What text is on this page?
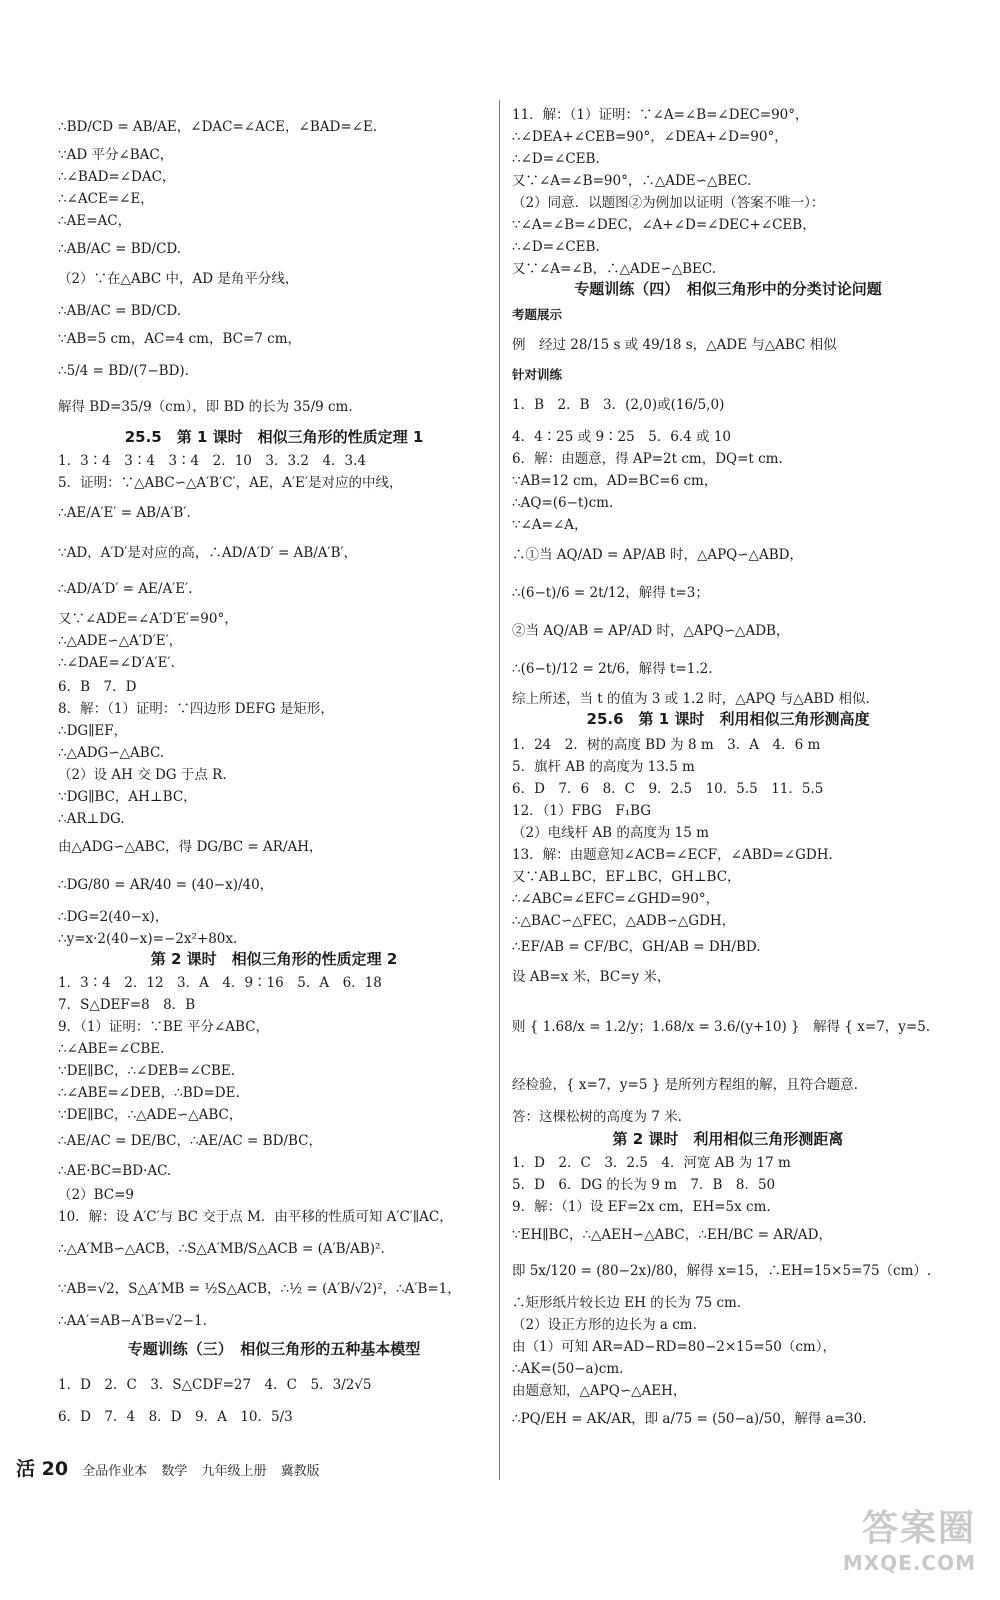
∴BD/CD = AB/AE，∠DAC=∠ACE，∠BAD=∠E.
∵AD 平分∠BAC，
∴∠BAD=∠DAC，
∴∠ACE=∠E，
∴AE=AC，
∴AB/AC = BD/CD.
（2）∵在△ABC 中，AD 是角平分线，
∴AB/AC = BD/CD.
∵AB=5 cm，AC=4 cm，BC=7 cm，
∴5/4 = BD/(7−BD).
解得 BD=35/9（cm），即 BD 的长为 35/9 cm.
1．3∶4　3∶4　3∶4　2．10　3．3.2　4．3.4
5．证明：∵△ABC∽△A′B′C′，AE，A′E′是对应的中线，
∴AE/A′E′ = AB/A′B′.
∵AD，A′D′是对应的高，∴AD/A′D′ = AB/A′B′，
∴AD/A′D′ = AE/A′E′.
又∵∠ADE=∠A′D′E′=90°，
∴△ADE∽△A′D′E′，
∴∠DAE=∠D′A′E′.
6．B　7．D
8．解：（1）证明：∵四边形 DEFG 是矩形，
∴DG∥EF，
∴△ADG∽△ABC.
（2）设 AH 交 DG 于点 R.
∵DG∥BC，AH⊥BC，
∴AR⊥DG.
由△ADG∽△ABC，得 DG/BC = AR/AH，
∴DG/80 = AR/40 = (40−x)/40，
∴DG=2(40−x)，
∴y=x·2(40−x)=−2x²+80x.
1．3∶4　2．12　3．A　4．9∶16　5．A　6．18
7．S△DEF=8　8．B
9．（1）证明：∵BE 平分∠ABC，
∴∠ABE=∠CBE.
∵DE∥BC，∴∠DEB=∠CBE.
∴∠ABE=∠DEB，∴BD=DE.
∵DE∥BC，∴△ADE∽△ABC，
∴AE/AC = DE/BC，∴AE/AC = BD/BC，
∴AE·BC=BD·AC.
（2）BC=9
10．解：设 A′C′与 BC 交于点 M．由平移的性质可知 A′C′∥AC，
∴△A′MB∽△ACB，∴S△A′MB/S△ACB = (A′B/AB)².
∵AB=√2，S△A′MB = ½S△ACB，∴½ = (A′B/√2)²，∴A′B=1，
∴AA′=AB−A′B=√2−1.
1．D　2．C　3．S△CDF=27　4．C　5．3/2√5
6．D　7．4　8．D　9．A　10．5/3
25.5　第 1 课时　相似三角形的性质定理 1
第 2 课时　相似三角形的性质定理 2
专题训练（三）　相似三角形的五种基本模型
11．解：（1）证明：∵∠A=∠B=∠DEC=90°，
∴∠DEA+∠CEB=90°，∠DEA+∠D=90°，
∴∠D=∠CEB.
又∵∠A=∠B=90°，∴△ADE∽△BEC.
（2）同意．以题图②为例加以证明（答案不唯一）：
∵∠A=∠B=∠DEC，∠A+∠D=∠DEC+∠CEB，
∴∠D=∠CEB.
又∵∠A=∠B，∴△ADE∽△BEC.
例　经过 28/15 s 或 49/18 s，△ADE 与△ABC 相似
1．B　2．B　3．(2,0)或(16/5,0)
4．4∶25 或 9∶25　5．6.4 或 10
6．解：由题意，得 AP=2t cm，DQ=t cm.
∵AB=12 cm，AD=BC=6 cm，
∴AQ=(6−t)cm.
∵∠A=∠A，
∴①当 AQ/AD = AP/AB 时，△APQ∽△ABD，
∴(6−t)/6 = 2t/12，解得 t=3；
②当 AQ/AB = AP/AD 时，△APQ∽△ADB，
∴(6−t)/12 = 2t/6，解得 t=1.2.
综上所述，当 t 的值为 3 或 1.2 时，△APQ 与△ABD 相似.
1．24　2．树的高度 BD 为 8 m　3．A　4．6 m
5．旗杆 AB 的高度为 13.5 m
6．D　7．6　8．C　9．2.5　10．5.5　11．5.5
12．（1）FBG　F₁BG
（2）电线杆 AB 的高度为 15 m
13．解：由题意知∠ACB=∠ECF，∠ABD=∠GDH.
又∵AB⊥BC，EF⊥BC，GH⊥BC，
∴∠ABC=∠EFC=∠GHD=90°，
∴△BAC∽△FEC，△ADB∽△GDH，
∴EF/AB = CF/BC，GH/AB = DH/BD.
设 AB=x 米，BC=y 米，
则 { 1.68/x = 1.2/y；1.68/x = 3.6/(y+10) }　解得 { x=7，y=5.
经检验，{ x=7，y=5 } 是所列方程组的解，且符合题意.
答：这棵松树的高度为 7 米.
1．D　2．C　3．2.5　4．河宽 AB 为 17 m
5．D　6．DG 的长为 9 m　7．B　8．50
9．解：（1）设 EF=2x cm，EH=5x cm.
∵EH∥BC，∴△AEH∽△ABC，∴EH/BC = AR/AD，
即 5x/120 = (80−2x)/80，解得 x=15，∴EH=15×5=75（cm）.
∴矩形纸片较长边 EH 的长为 75 cm.
（2）设正方形的边长为 a cm.
由（1）可知 AR=AD−RD=80−2×15=50（cm），
∴AK=(50−a)cm.
由题意知，△APQ∽△AEH，
∴PQ/EH = AK/AR，即 a/75 = (50−a)/50，解得 a=30.
专题训练（四）　相似三角形中的分类讨论问题
25.6　第 1 课时　利用相似三角形测高度
第 2 课时　利用相似三角形测距离
考题展示
针对训练
活 20 全品作业本 数学 九年级上册 冀教版
答案圈
MXQE.COM
